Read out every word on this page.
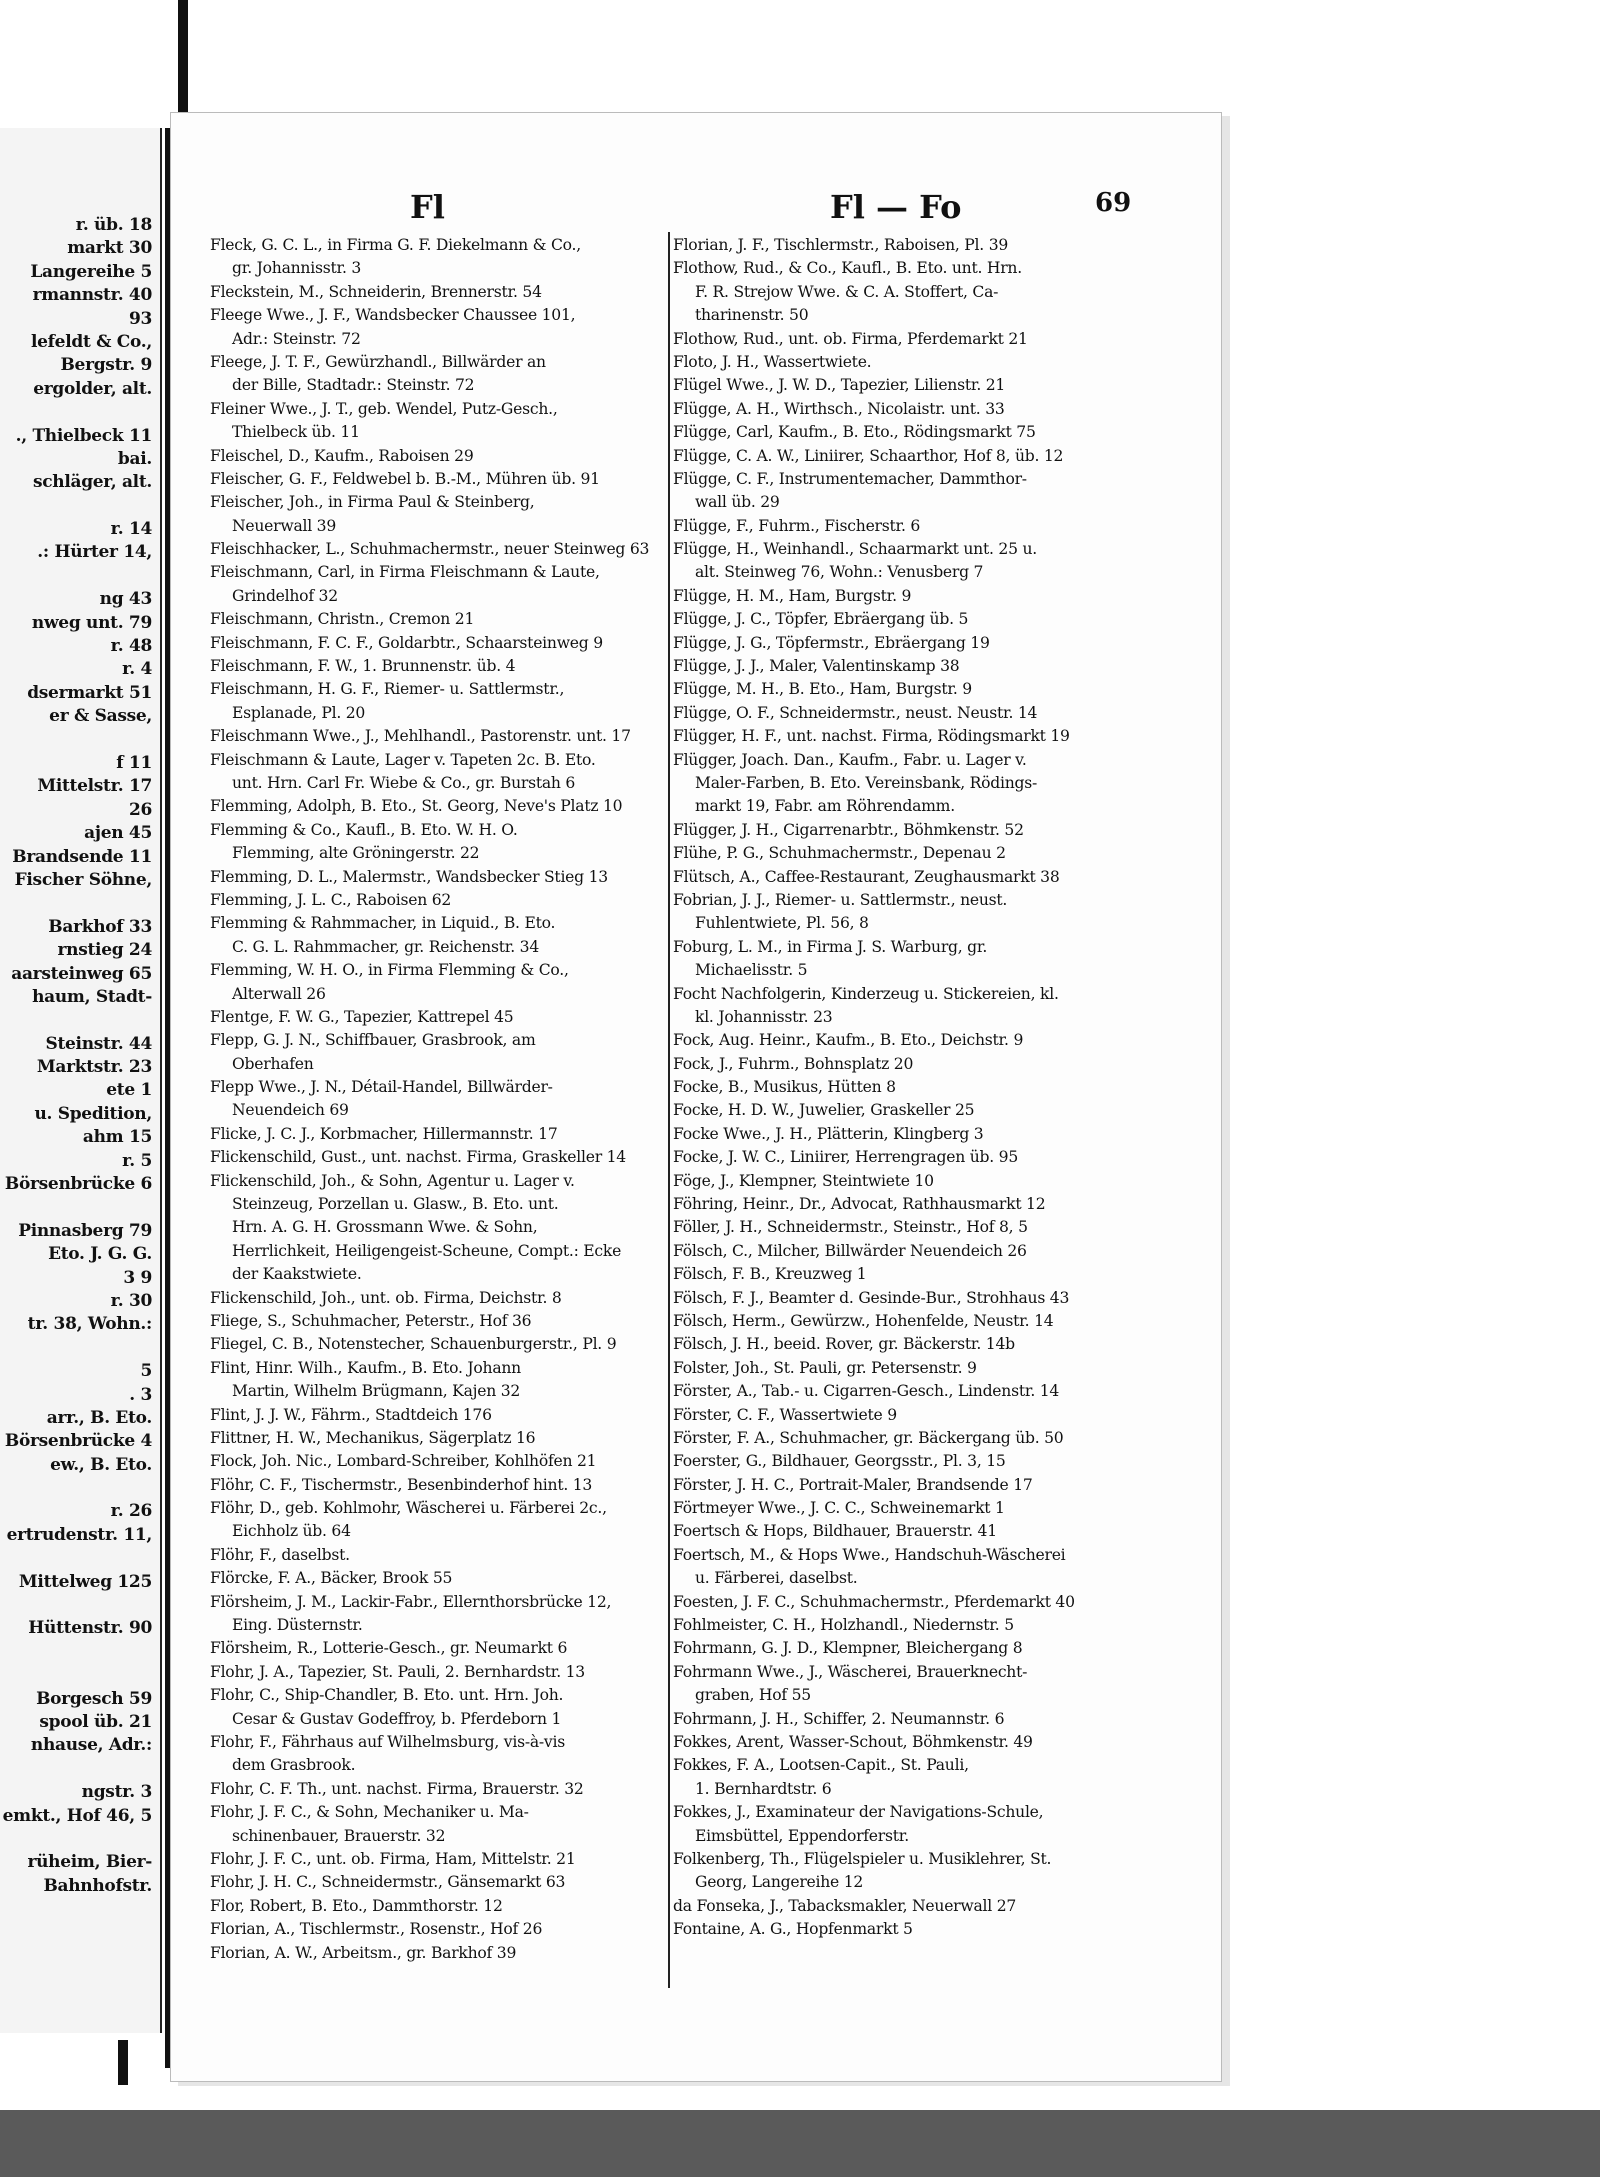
r. üb. 18
markt 30
Langereihe 5
rmannstr. 40
93
lefeldt & Co.,
Bergstr. 9
ergolder, alt.
., Thielbeck 11
bai.
schläger, alt.
r. 14
.: Hürter 14,
ng 43
nweg unt. 79
r. 48
r. 4
dsermarkt 51
er & Sasse,
f 11
Mittelstr. 17
26
ajen 45
Brandsende 11
Fischer Söhne,
Barkhof 33
rnstieg 24
aarsteinweg 65
haum, Stadt-
Steinstr. 44
Marktstr. 23
ete 1
u. Spedition,
ahm 15
r. 5
Börsenbrücke 6
Pinnasberg 79
Eto. J. G. G.
3 9
r. 30
tr. 38, Wohn.:
5
. 3
arr., B. Eto.
Börsenbrücke 4
ew., B. Eto.
r. 26
ertrudenstr. 11,
Mittelweg 125
Hüttenstr. 90
Borgesch 59
spool üb. 21
nhause, Adr.:
ngstr. 3
emkt., Hof 46, 5
rüheim, Bier-
Bahnhofstr.
Fl	Fl — Fo	69
Fleck, G. C. L., in Firma G. F. Diekelmann & Co.,
gr. Johannisstr. 3
Fleckstein, M., Schneiderin, Brennerstr. 54
Fleege Wwe., J. F., Wandsbecker Chaussee 101,
Adr.: Steinstr. 72
Fleege, J. T. F., Gewürzhandl., Billwärder an
der Bille, Stadtadr.: Steinstr. 72
Fleiner Wwe., J. T., geb. Wendel, Putz-Gesch.,
Thielbeck üb. 11
Fleischel, D., Kaufm., Raboisen 29
Fleischer, G. F., Feldwebel b. B.-M., Mühren üb. 91
Fleischer, Joh., in Firma Paul & Steinberg,
Neuerwall 39
Fleischhacker, L., Schuhmachermstr., neuer Steinweg 63
Fleischmann, Carl, in Firma Fleischmann & Laute,
Grindelhof 32
Fleischmann, Christn., Cremon 21
Fleischmann, F. C. F., Goldarbtr., Schaarsteinweg 9
Fleischmann, F. W., 1. Brunnenstr. üb. 4
Fleischmann, H. G. F., Riemer- u. Sattlermstr.,
Esplanade, Pl. 20
Fleischmann Wwe., J., Mehlhandl., Pastorenstr. unt. 17
Fleischmann & Laute, Lager v. Tapeten 2c. B. Eto.
unt. Hrn. Carl Fr. Wiebe & Co., gr. Burstah 6
Flemming, Adolph, B. Eto., St. Georg, Neve's Platz 10
Flemming & Co., Kaufl., B. Eto. W. H. O.
Flemming, alte Gröningerstr. 22
Flemming, D. L., Malermstr., Wandsbecker Stieg 13
Flemming, J. L. C., Raboisen 62
Flemming & Rahmmacher, in Liquid., B. Eto.
C. G. L. Rahmmacher, gr. Reichenstr. 34
Flemming, W. H. O., in Firma Flemming & Co.,
Alterwall 26
Flentge, F. W. G., Tapezier, Kattrepel 45
Flepp, G. J. N., Schiffbauer, Grasbrook, am
Oberhafen
Flepp Wwe., J. N., Détail-Handel, Billwärder-
Neuendeich 69
Flicke, J. C. J., Korbmacher, Hillermannstr. 17
Flickenschild, Gust., unt. nachst. Firma, Graskeller 14
Flickenschild, Joh., & Sohn, Agentur u. Lager v.
Steinzeug, Porzellan u. Glasw., B. Eto. unt.
Hrn. A. G. H. Grossmann Wwe. & Sohn,
Herrlichkeit, Heiligengeist-Scheune, Compt.: Ecke
der Kaakstwiete.
Flickenschild, Joh., unt. ob. Firma, Deichstr. 8
Fliege, S., Schuhmacher, Peterstr., Hof 36
Fliegel, C. B., Notenstecher, Schauenburgerstr., Pl. 9
Flint, Hinr. Wilh., Kaufm., B. Eto. Johann
Martin, Wilhelm Brügmann, Kajen 32
Flint, J. J. W., Fährm., Stadtdeich 176
Flittner, H. W., Mechanikus, Sägerplatz 16
Flock, Joh. Nic., Lombard-Schreiber, Kohlhöfen 21
Flöhr, C. F., Tischermstr., Besenbinderhof hint. 13
Flöhr, D., geb. Kohlmohr, Wäscherei u. Färberei 2c.,
Eichholz üb. 64
Flöhr, F., daselbst.
Flörcke, F. A., Bäcker, Brook 55
Flörsheim, J. M., Lackir-Fabr., Ellernthorsbrücke 12,
Eing. Düsternstr.
Flörsheim, R., Lotterie-Gesch., gr. Neumarkt 6
Flohr, J. A., Tapezier, St. Pauli, 2. Bernhardstr. 13
Flohr, C., Ship-Chandler, B. Eto. unt. Hrn. Joh.
Cesar & Gustav Godeffroy, b. Pferdeborn 1
Flohr, F., Fährhaus auf Wilhelmsburg, vis-à-vis
dem Grasbrook.
Flohr, C. F. Th., unt. nachst. Firma, Brauerstr. 32
Flohr, J. F. C., & Sohn, Mechaniker u. Ma-
schinenbauer, Brauerstr. 32
Flohr, J. F. C., unt. ob. Firma, Ham, Mittelstr. 21
Flohr, J. H. C., Schneidermstr., Gänsemarkt 63
Flor, Robert, B. Eto., Dammthorstr. 12
Florian, A., Tischlermstr., Rosenstr., Hof 26
Florian, A. W., Arbeitsm., gr. Barkhof 39
Florian, J. F., Tischlermstr., Raboisen, Pl. 39
Flothow, Rud., & Co., Kaufl., B. Eto. unt. Hrn.
F. R. Strejow Wwe. & C. A. Stoffert, Ca-
tharinenstr. 50
Flothow, Rud., unt. ob. Firma, Pferdemarkt 21
Floto, J. H., Wassertwiete.
Flügel Wwe., J. W. D., Tapezier, Lilienstr. 21
Flügge, A. H., Wirthsch., Nicolaistr. unt. 33
Flügge, Carl, Kaufm., B. Eto., Rödingsmarkt 75
Flügge, C. A. W., Liniirer, Schaarthor, Hof 8, üb. 12
Flügge, C. F., Instrumentemacher, Dammthor-
wall üb. 29
Flügge, F., Fuhrm., Fischerstr. 6
Flügge, H., Weinhandl., Schaarmarkt unt. 25 u.
alt. Steinweg 76, Wohn.: Venusberg 7
Flügge, H. M., Ham, Burgstr. 9
Flügge, J. C., Töpfer, Ebräergang üb. 5
Flügge, J. G., Töpfermstr., Ebräergang 19
Flügge, J. J., Maler, Valentinskamp 38
Flügge, M. H., B. Eto., Ham, Burgstr. 9
Flügge, O. F., Schneidermstr., neust. Neustr. 14
Flügger, H. F., unt. nachst. Firma, Rödingsmarkt 19
Flügger, Joach. Dan., Kaufm., Fabr. u. Lager v.
Maler-Farben, B. Eto. Vereinsbank, Rödings-
markt 19, Fabr. am Röhrendamm.
Flügger, J. H., Cigarrenarbtr., Böhmkenstr. 52
Flühe, P. G., Schuhmachermstr., Depenau 2
Flütsch, A., Caffee-Restaurant, Zeughausmarkt 38
Fobrian, J. J., Riemer- u. Sattlermstr., neust.
Fuhlentwiete, Pl. 56, 8
Foburg, L. M., in Firma J. S. Warburg, gr.
Michaelisstr. 5
Focht Nachfolgerin, Kinderzeug u. Stickereien, kl.
kl. Johannisstr. 23
Fock, Aug. Heinr., Kaufm., B. Eto., Deichstr. 9
Fock, J., Fuhrm., Bohnsplatz 20
Focke, B., Musikus, Hütten 8
Focke, H. D. W., Juwelier, Graskeller 25
Focke Wwe., J. H., Plätterin, Klingberg 3
Focke, J. W. C., Liniirer, Herrengragen üb. 95
Föge, J., Klempner, Steintwiete 10
Föhring, Heinr., Dr., Advocat, Rathhausmarkt 12
Föller, J. H., Schneidermstr., Steinstr., Hof 8, 5
Fölsch, C., Milcher, Billwärder Neuendeich 26
Fölsch, F. B., Kreuzweg 1
Fölsch, F. J., Beamter d. Gesinde-Bur., Strohhaus 43
Fölsch, Herm., Gewürzw., Hohenfelde, Neustr. 14
Fölsch, J. H., beeid. Rover, gr. Bäckerstr. 14b
Folster, Joh., St. Pauli, gr. Petersenstr. 9
Förster, A., Tab.- u. Cigarren-Gesch., Lindenstr. 14
Förster, C. F., Wassertwiete 9
Förster, F. A., Schuhmacher, gr. Bäckergang üb. 50
Foerster, G., Bildhauer, Georgsstr., Pl. 3, 15
Förster, J. H. C., Portrait-Maler, Brandsende 17
Förtmeyer Wwe., J. C. C., Schweinemarkt 1
Foertsch & Hops, Bildhauer, Brauerstr. 41
Foertsch, M., & Hops Wwe., Handschuh-Wäscherei
u. Färberei, daselbst.
Foesten, J. F. C., Schuhmachermstr., Pferdemarkt 40
Fohlmeister, C. H., Holzhandl., Niedernstr. 5
Fohrmann, G. J. D., Klempner, Bleichergang 8
Fohrmann Wwe., J., Wäscherei, Brauerknecht-
graben, Hof 55
Fohrmann, J. H., Schiffer, 2. Neumannstr. 6
Fokkes, Arent, Wasser-Schout, Böhmkenstr. 49
Fokkes, F. A., Lootsen-Capit., St. Pauli,
1. Bernhardtstr. 6
Fokkes, J., Examinateur der Navigations-Schule,
Eimsbüttel, Eppendorferstr.
Folkenberg, Th., Flügelspieler u. Musiklehrer, St.
Georg, Langereihe 12
da Fonseka, J., Tabacksmakler, Neuerwall 27
Fontaine, A. G., Hopfenmarkt 5
